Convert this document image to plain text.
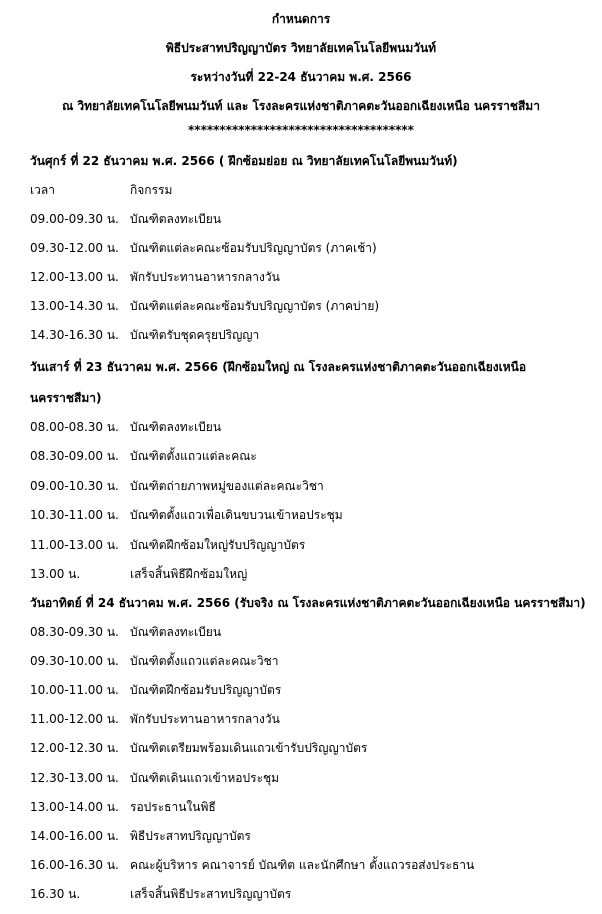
กำหนดการ
พิธีประสาทปริญญาบัตร วิทยาลัยเทคโนโลยีพนมวันท์
ระหว่างวันที่ 22-24 ธันวาคม พ.ศ. 2566
ณ วิทยาลัยเทคโนโลยีพนมวันท์ และ โรงละครแห่งชาติภาคตะวันออกเฉียงเหนือ นครราชสีมา
************************************
วันศุกร์ ที่ 22 ธันวาคม พ.ศ. 2566 ( ฝึกซ้อมย่อย ณ วิทยาลัยเทคโนโลยีพนมวันท์)
เวลา	กิจกรรม
09.00-09.30 น. บัณฑิตลงทะเบียน
09.30-12.00 น. บัณฑิตแต่ละคณะซ้อมรับปริญญาบัตร (ภาคเช้า)
12.00-13.00 น. พักรับประทานอาหารกลางวัน
13.00-14.30 น. บัณฑิตแต่ละคณะซ้อมรับปริญญาบัตร (ภาคบ่าย)
14.30-16.30 น. บัณฑิตรับชุดครุยปริญญา
วันเสาร์ ที่ 23 ธันวาคม พ.ศ. 2566 (ฝึกซ้อมใหญ่ ณ โรงละครแห่งชาติภาคตะวันออกเฉียงเหนือ
นครราชสีมา)
08.00-08.30 น. บัณฑิตลงทะเบียน
08.30-09.00 น. บัณฑิตตั้งแถวแต่ละคณะ
09.00-10.30 น. บัณฑิตถ่ายภาพหมู่ของแต่ละคณะวิชา
10.30-11.00 น. บัณฑิตตั้งแถวเพื่อเดินขบวนเข้าหอประชุม
11.00-13.00 น. บัณฑิตฝึกซ้อมใหญ่รับปริญญาบัตร
13.00 น.	เสร็จสิ้นพิธีฝึกซ้อมใหญ่
วันอาทิตย์ ที่ 24 ธันวาคม พ.ศ. 2566 (รับจริง ณ โรงละครแห่งชาติภาคตะวันออกเฉียงเหนือ นครราชสีมา)
08.30-09.30 น. บัณฑิตลงทะเบียน
09.30-10.00 น. บัณฑิตตั้งแถวแต่ละคณะวิชา
10.00-11.00 น. บัณฑิตฝึกซ้อมรับปริญญาบัตร
11.00-12.00 น. พักรับประทานอาหารกลางวัน
12.00-12.30 น. บัณฑิตเตรียมพร้อมเดินแถวเข้ารับปริญญาบัตร
12.30-13.00 น. บัณฑิตเดินแถวเข้าหอประชุม
13.00-14.00 น. รอประธานในพิธี
14.00-16.00 น. พิธีประสาทปริญญาบัตร
16.00-16.30 น. คณะผู้บริหาร คณาจารย์ บัณฑิต และนักศึกษา ตั้งแถวรอส่งประธาน
16.30 น.	เสร็จสิ้นพิธีประสาทปริญญาบัตร
